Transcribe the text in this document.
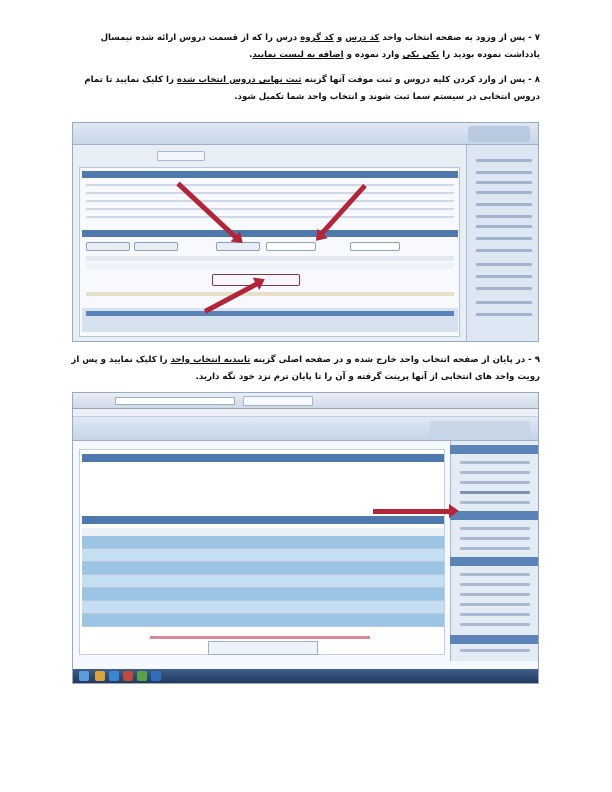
۷ - پس از ورود به صفحه انتخاب واحد کد درس و کد گروه درس را که از قسمت دروس ارائه شده نیمسال یادداشت نموده بودید را یکی یکی وارد نموده و اضافه به لیست نمایید.

۸ - پس از وارد کردن کلیه دروس و ثبت موقت آنها گزینه ثبت نهایی دروس انتخاب شده را کلیک نمایید تا تمام دروس انتخابی در سیستم سما ثبت شوند و انتخاب واحد شما تکمیل شود.

۹ - در پایان از صفحه انتخاب واحد خارج شده و در صفحه اصلی گزینه تاییدیه انتخاب واحد را کلیک نمایید و پس از رویت واحد های انتخابی از آنها پرینت گرفته و آن را تا پایان ترم نزد خود نگه دارید.
